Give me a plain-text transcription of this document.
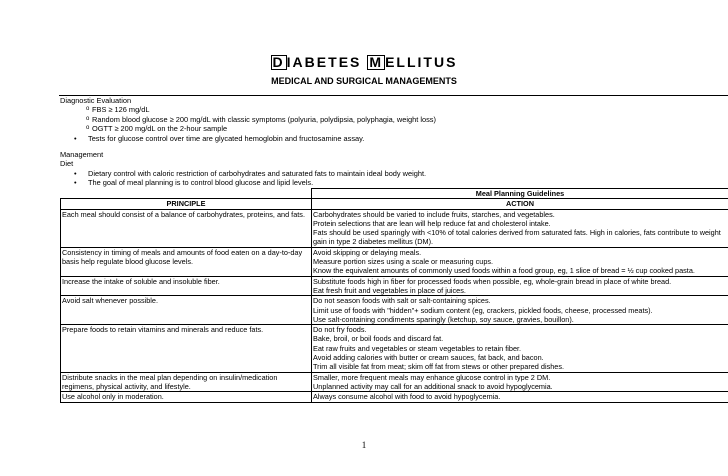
D IABETES M ELLITUS
MEDICAL AND SURGICAL MANAGEMENTS
Diagnostic Evaluation
o FBS ≥ 126 mg/dL
o Random blood glucose ≥ 200 mg/dL with classic symptoms (polyuria, polydipsia, polyphagia, weight loss)
o OGTT ≥ 200 mg/dL on the 2-hour sample
• Tests for glucose control over time are glycated hemoglobin and fructosamine assay.
Management
Diet
• Dietary control with caloric restriction of carbohydrates and saturated fats to maintain ideal body weight.
• The goal of meal planning is to control blood glucose and lipid levels.
	Meal Planning Guidelines
PRINCIPLE	ACTION
Each meal should consist of a balance of carbohydrates, proteins, and fats.	Carbohydrates should be varied to include fruits, starches, and vegetables.
Protein selections that are lean will help reduce fat and cholesterol intake.
Fats should be used sparingly with <10% of total calories derived from saturated fats. High in calories, fats contribute to weight gain in type 2 diabetes mellitus (DM).

Consistency in timing of meals and amounts of food eaten on a day-to-day basis help regulate blood glucose levels.	Avoid skipping or delaying meals.
Measure portion sizes using a scale or measuring cups.
Know the equivalent amounts of commonly used foods within a food group, eg, 1 slice of bread = ½ cup cooked pasta.

Increase the intake of soluble and insoluble fiber.	Substitute foods high in fiber for processed foods when possible, eg, whole-grain bread in place of white bread.
Eat fresh fruit and vegetables in place of juices.

Avoid salt whenever possible.	Do not season foods with salt or salt-containing spices.
Limit use of foods with "hidden"+ sodium content (eg, crackers, pickled foods, cheese, processed meats).
Use salt-containing condiments sparingly (ketchup, soy sauce, gravies, bouillon).

Prepare foods to retain vitamins and minerals and reduce fats.	Do not fry foods.
Bake, broil, or boil foods and discard fat.
Eat raw fruits and vegetables or steam vegetables to retain fiber.
Avoid adding calories with butter or cream sauces, fat back, and bacon.
Trim all visible fat from meat; skim off fat from stews or other prepared dishes.

Distribute snacks in the meal plan depending on insulin/medication regimens, physical activity, and lifestyle.	Smaller, more frequent meals may enhance glucose control in type 2 DM.
Unplanned activity may call for an additional snack to avoid hypoglycemia.

Use alcohol only in moderation.	Always consume alcohol with food to avoid hypoglycemia.
1
